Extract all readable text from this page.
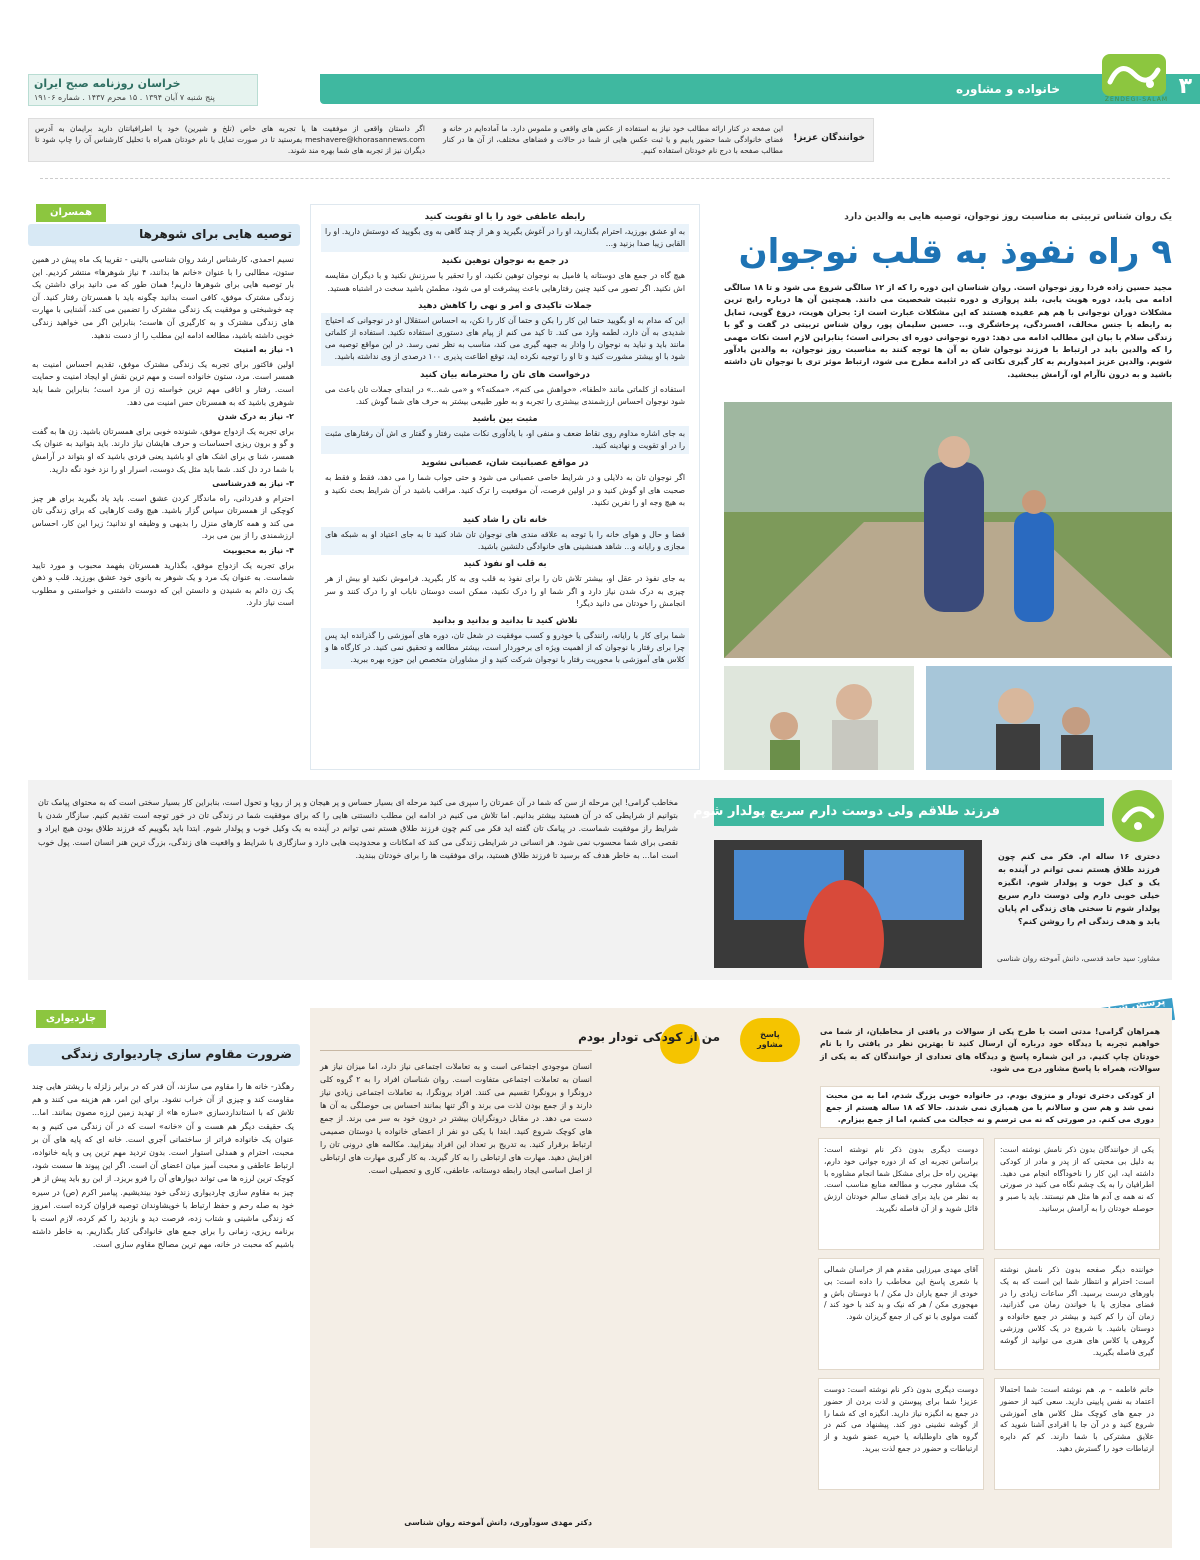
ZENDEGI-SALAM
۳
خانواده و مشاوره
خراسان روزنامه صبح ایران
پنج شنبه ۷ آبان ۱۳۹۴ . ۱۵ محرم ۱۴۳۷ . شماره ۱۹۱۰۶
خوانندگان عزیز!
این صفحه در کنار ارائه مطالب خود نیاز به استفاده از عکس های واقعی و ملموس دارد. ما آماده‌ایم در خانه و فضای خانوادگی شما حضور یابیم و یا ثبت عکس هایی از شما در حالات و فضاهای مختلف، از آن ها در کنار مطالب صفحه با درج نام خودتان استفاده کنیم.
اگر داستان واقعی از موفقیت ها یا تجربه های خاص (تلخ و شیرین) خود یا اطرافیانتان دارید برایمان به آدرس meshavere@khorasannews.com بفرستید تا در صورت تمایل با نام خودتان همراه با تحلیل کارشناس آن را چاپ شود تا دیگران نیز از تجربه های شما بهره مند شوند.
یک روان شناس تربیتی به مناسبت روز نوجوان، توصیه هایی به والدین دارد
۹ راه نفوذ به قلب نوجوان
مجید حسین زاده فردا روز نوجوان است. روان شناسان این دوره را که از ۱۲ سالگی شروع می شود و تا ۱۸ سالگی ادامه می یابد، دوره هویت یابی، بلند پروازی و دوره تثبیت شخصیت می دانند. همچنین آن ها درباره رایج ترین مشکلات دوران نوجوانی با هم هم عقیده هستند که این مشکلات عبارت است از: بحران هویت، دروغ گویی، تمایل به رابطه با جنس مخالف، افسردگی، پرخاشگری و... حسین سلیمان پور، روان شناس تربیتی در گفت و گو با زندگی سلام با بیان این مطالب ادامه می دهد: دوره نوجوانی دوره ای بحرانی است؛ بنابراین لازم است نکات مهمی را که والدین باید در ارتباط با فرزند نوجوان شان به آن ها توجه کنند به مناسبت روز نوجوان، به والدین یادآور شویم. والدین عزیز امیدواریم به کار گیری نکاتی که در ادامه مطرح می شود، ارتباط موثر تری با نوجوان تان داشته باشید و به درون ناآرام او، آرامش ببخشید.
رابطه عاطفی خود را با او تقویت کنید
به او عشق بورزید، احترام بگذارید، او را در آغوش بگیرید و هر از چند گاهی به وی بگویید که دوستش دارید. او را القابی زیبا صدا بزنید و...
در جمع به نوجوان توهین نکنید
هیچ گاه در جمع های دوستانه یا فامیل به نوجوان توهین نکنید، او را تحقیر یا سرزنش نکنید و با دیگران مقایسه اش نکنید. اگر تصور می کنید چنین رفتارهایی باعث پیشرفت او می شود، مطمئن باشید سخت در اشتباه هستید.
جملات تاکیدی و امر و نهی را کاهش دهید
این که مدام به او بگویید حتما این کار را بکن و حتما آن کار را نکن، به احساس استقلال او در نوجوانی که احتیاج شدیدی به آن دارد، لطمه وارد می کند. تا کید می کنم از پیام های دستوری استفاده نکنید. استفاده از کلماتی مانند باید و نباید به نوجوان را وادار به جبهه گیری می کند، مناسب به نظر نمی رسد. در این مواقع توصیه می شود با او بیشتر مشورت کنید و تا او را توجیه نکرده اید، توقع اطاعت پذیری ۱۰۰ درصدی از وی نداشته باشید.
درخواست های تان را محترمانه بیان کنید
استفاده از کلماتی مانند «لطفا»، «خواهش می کنم»، «ممکنه؟» و «می شه...» در ابتدای جملات تان باعث می شود نوجوان احساس ارزشمندی بیشتری را تجربه و به طور طبیعی بیشتر به حرف های شما گوش کند.
مثبت بین باشید
به جای اشاره مداوم روی نقاط ضعف و منفی او، با یادآوری نکات مثبت رفتار و گفتار ی اش آن رفتارهای مثبت را در او تقویت و نهادینه کنید.
در مواقع عصبانیت شان، عصبانی نشوید
اگر نوجوان تان به دلایلی و در شرایط خاصی عصبانی می شود و حتی جواب شما را می دهد، فقط و فقط به صحبت های او گوش کنید و در اولین فرصت، آن موقعیت را ترک کنید. مراقب باشید در آن شرایط بحث نکنید و به هیچ وجه او را نفرین نکنید.
خانه تان را شاد کنید
فضا و حال و هوای خانه را با توجه به علاقه مندی های نوجوان تان شاد کنید تا به جای اعتیاد او به شبکه های مجازی و رایانه و... شاهد همنشینی های خانوادگی دلنشین باشید.
به قلب او نفوذ کنید
به جای نفوذ در عقل او، بیشتر تلاش تان را برای نفوذ به قلب وی به کار بگیرید. فراموش نکنید او بیش از هر چیزی به درک شدن نیاز دارد و اگر شما او را درک نکنید، ممکن است دوستان ناباب او را درک کنند و سر انجامش را خودتان می دانید دیگر!
تلاش کنید تا بدانید و بدانید و بدانید
شما برای کار با رایانه، رانندگی یا خودرو و کسب موفقیت در شغل تان، دوره های آموزشی را گذرانده اید پس چرا برای رفتار با نوجوان که از اهمیت ویژه ای برخوردار است، بیشتر مطالعه و تحقیق نمی کنید. در کارگاه ها و کلاس های آموزشی با محوریت رفتار با نوجوان شرکت کنید و از مشاوران متخصص این حوزه بهره ببرید.
همسران
توصیه هایی برای شوهرها

نسیم احمدی، کارشناس ارشد روان شناسی بالینی - تقریبا یک ماه پیش در همین ستون، مطالبی را با عنوان «خانم ها بدانند، ۴ نیاز شوهرها» منتشر کردیم. این بار توصیه هایی برای شوهرها داریم! همان طور که می دانید برای داشتن یک زندگی مشترک موفق، کافی است بدانید چگونه باید با همسرتان رفتار کنید. آن چه خوشبختی و موفقیت یک زندگی مشترک را تضمین می کند، آشنایی با مهارت های زندگی مشترک و به کارگیری آن هاست؛ بنابراین اگر می خواهید زندگی خوبی داشته باشید، مطالعه ادامه این مطلب را از دست ندهید.

۱- نیاز به امنیت

اولین فاکتور برای تجربه یک زندگی مشترک موفق، تقدیم احساس امنیت به همسر است. مرد، ستون خانواده است و مهم ترین نقش او ایجاد امنیت و حمایت است. رفتار و اتاقی مهم ترین خواسته زن از مرد است؛ بنابراین شما باید شوهری باشید که به همسرتان حس امنیت می دهد.

۲- نیاز به درک شدن

برای تجربه یک ازدواج موفق، شنونده خوبی برای همسرتان باشید. زن ها به گفت و گو و برون ریزی احساسات و حرف هایشان نیاز دارند. باید بتوانید به عنوان یک همسر، شنا ی برای اشک های او باشید یعنی فردی باشید که او بتواند در آرامش با شما درد دل کند. شما باید مثل یک دوست، اسرار او را نزد خود نگه دارید.

۳- نیاز به قدرشناسی

احترام و قدردانی، راه ماندگار کردن عشق است. باید یاد بگیرید برای هر چیز کوچکی از همسرتان سپاس گزار باشید. هیچ وقت کارهایی که برای زندگی تان می کند و همه کارهای منزل را بدیهی و وظیفه او ندانید؛ زیرا این کار، احساس ارزشمندی را از بین می برد.

۴- نیاز به محبوبیت

برای تجربه یک ازدواج موفق، بگذارید همسرتان بفهمد محبوب و مورد تایید شماست. به عنوان یک مرد و یک شوهر به بانوی خود عشق بورزید. قلب و ذهن یک زن دائم به شنیدن و دانستن این که دوست داشتنی و خواستنی و مطلوب است نیاز دارد.

فرزند طلاقم ولی دوست دارم سریع پولدار شوم
دختری ۱۶ ساله ام. فکر می کنم چون فرزند طلاق هستم نمی توانم در آینده به یک و کیل خوب و پولدار شوم. انگیزه خیلی خوبی دارم ولی دوست دارم سریع پولدار شوم تا سختی های زندگی ام پایان یابد و هدف زندگی ام را روشن کنم؟
مشاور: سید حامد قدسی، دانش آموخته روان شناسی
مخاطب گرامی! این مرحله از سن که شما در آن عمرتان را سپری می کنید مرحله ای بسیار حساس و پر هیجان و پر از رویا و تحول است، بنابراین کار بسیار سختی است که به محتوای پیامک تان بتوانیم از شرایطی که در آن هستید بیشتر بدانیم. اما تلاش می کنیم در ادامه این مطلب دانستنی هایی را که برای موفقیت شما در زندگی تان در خور توجه است تقدیم کنیم. سازگار شدن با شرایط راز موفقیت شماست. در پیامک تان گفته اید فکر می کنم چون فرزند طلاق هستم نمی توانم در آینده به یک وکیل خوب و پولدار شوم. ابتدا باید بگوییم که فرزند طلاق بودن هیچ ایراد و نقصی برای شما محسوب نمی شود. هر انسانی در شرایطی زندگی می کند که امکانات و محدودیت هایی دارد و سازگاری با شرایط و واقعیت های زندگی، بزرگ ترین هنر انسان است. پول خوب است اما... به خاطر هدف که برسید تا فرزند طلاق هستید، برای موفقیت ها را برای خودتان ببندید.
همراهان گرامی! مدتی است با طرح یکی از سوالات در یافتی از مخاطبان، از شما می خواهیم تجربه یا دیدگاه خود درباره آن ارسال کنید تا بهترین نظر در یافتی را با نام خودتان چاپ کنیم. در این شماره پاسخ و دیدگاه های تعدادی از خوانندگان که به یکی از سوالات، همراه با پاسخ مشاور درج می شود.
از کودکی دختری تودار و منزوی بودم. در خانواده خوبی بزرگ شدم، اما به من محبت نمی شد و هم سن و سالانم با من همبازی نمی شدند. حالا که ۱۸ ساله هستم از جمع دوری می کنم. در صورتی که نه می ترسم و نه خجالت می کشم، اما از جمع بیزارم.
یکی از خوانندگان بدون ذکر نامش نوشته است: به دلیل بی محبتی که از پدر و مادر از کودکی داشته اید، این کار را ناخودآگاه انجام می دهید. اطرافیان را به یک چشم نگاه می کنید در صورتی که نه همه ی آدم ها مثل هم نیستند. باید با صبر و حوصله خودتان را به آرامش برسانید.
دوست دیگری بدون ذکر نام نوشته است: براساس تجربه ای که از دوره جوانی خود دارم، بهترین راه حل برای مشکل شما انجام مشاوره با یک مشاور مجرب و مطالعه منابع مناسب است. به نظر من باید برای فضای سالم خودتان ارزش قائل شوید و از آن فاصله نگیرید.
خواننده دیگر صفحه بدون ذکر نامش نوشته است: احترام و انتظار شما این است که به یک باورهای درست برسید. اگر ساعات زیادی را در فضای مجازی یا با خواندن رمان می گذرانید، زمان آن را کم کنید و بیشتر در جمع خانواده و دوستان باشید. با شروع در یک کلاس ورزشی گروهی یا کلاس های هنری می توانید از گوشه گیری فاصله بگیرید.
آقای مهدی میرزایی مقدم هم از خراسان شمالی با شعری پاسخ این مخاطب را داده است: بی خودی از جمع یاران دل مکن / با دوستان باش و مهجوری مکن / هر که نیک و بد کند با خود کند / گفت مولوی با تو کی از جمع گریزان شود.
خانم فاطمه - م. هم نوشته است: شما احتمالا اعتماد به نفس پایینی دارید. سعی کنید از حضور در جمع های کوچک مثل کلاس های آموزشی شروع کنید و در آن جا با افرادی آشنا شوید که علایق مشترکی با شما دارند. کم کم دایره ارتباطات خود را گسترش دهید.
دوست دیگری بدون ذکر نام نوشته است: دوست عزیز! شما برای پیوستن و لذت بردن از حضور در جمع به انگیزه نیاز دارید. انگیزه ای که شما را از گوشه نشینی دور کند. پیشنهاد می کنم در گروه های داوطلبانه یا خیریه عضو شوید و از ارتباطات و حضور در جمع لذت ببرید.
پاسخ مشاور
من از کودکی تودار بودم
انسان موجودی اجتماعی است و به تعاملات اجتماعی نیاز دارد، اما میزان نیاز هر انسان به تعاملات اجتماعی متفاوت است. روان شناسان افراد را به ۲ گروه کلی درونگرا و برونگرا تقسیم می کنند. افراد برونگرا، به تعاملات اجتماعی زیادی نیاز دارند و از جمع بودن لذت می برند و اگر تنها بمانند احساس بی حوصلگی به آن ها دست می دهد. در مقابل درونگرایان بیشتر در درون خود به سر می برند. از جمع های کوچک شروع کنید. ابتدا با یکی دو نفر از اعضای خانواده یا دوستان صمیمی ارتباط برقرار کنید. به تدریج بر تعداد این افراد بیفزایید. مکالمه های درونی تان را افزایش دهید. مهارت های ارتباطی را به کار گیرید. به کار گیری مهارت های ارتباطی از اصل اساسی ایجاد رابطه دوستانه، عاطفی، کاری و تحصیلی است.
دکتر مهدی سودآوری، دانش آموخته روان شناسی
چاردیواری
ضرورت مقاوم سازی چاردیواری زندگی
رهگذر- خانه ها را مقاوم می سازند، آن قدر که در برابر زلزله با ریشتر هایی چند مقاومت کند و چیزی از آن خراب نشود. برای این امر، هم هزینه می کنند و هم تلاش که با استانداردسازی «سازه ها» از تهدید زمین لرزه مصون بمانند. اما... یک حقیقت دیگر هم هست و آن «خانه» است که در آن زندگی می کنیم و به عنوان یک خانواده فراتر از ساختمانی آجری است. خانه ای که پایه های آن بر محبت، احترام و همدلی استوار است. بدون تردید مهم ترین پی و پایه خانواده، ارتباط عاطفی و محبت آمیز میان اعضای آن است. اگر این پیوند ها سست شود، کوچک ترین لرزه ها می تواند دیوارهای آن را فرو بریزد. از این رو باید پیش از هر چیز به مقاوم سازی چاردیواری زندگی خود بیندیشیم. پیامبر اکرم (ص) در سیره خود به صله رحم و حفظ ارتباط با خویشاوندان توصیه فراوان کرده است. امروز که زندگی ماشینی و شتاب زده، فرصت دید و بازدید را کم کرده، لازم است با برنامه ریزی، زمانی را برای جمع های خانوادگی کنار بگذاریم. به خاطر داشته باشیم که محبت در خانه، مهم ترین مصالح مقاوم سازی است.
